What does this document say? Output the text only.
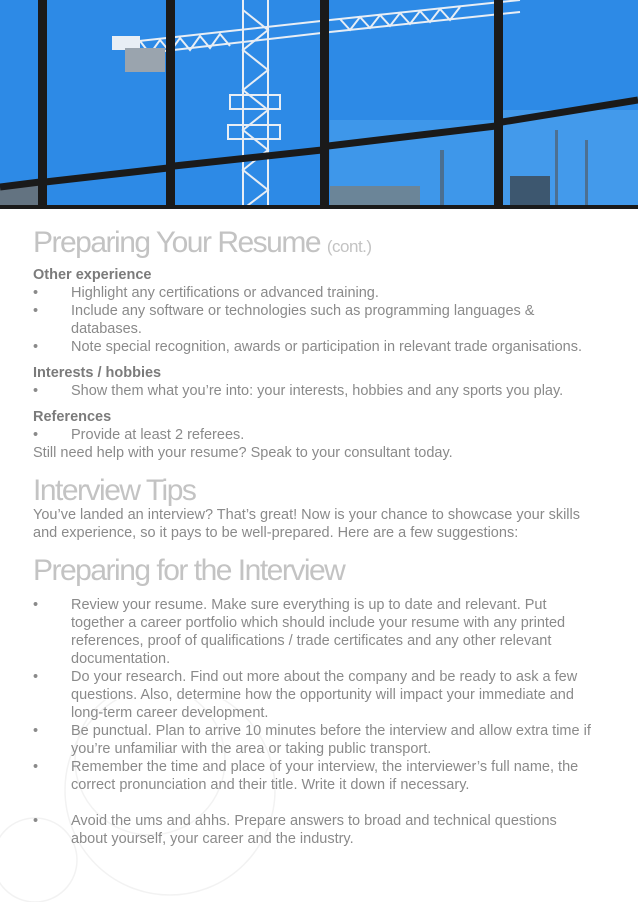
Preparing Your Resume (cont.)
Other experience
• Highlight any certifications or advanced training.
• Include any software or technologies such as programming languages & databases.
• Note special recognition, awards or participation in relevant trade organisations.
Interests / hobbies
• Show them what you’re into: your interests, hobbies and any sports you play.
References
• Provide at least 2 referees.

Still need help with your resume? Speak to your consultant today.

Interview Tips

You’ve landed an interview? That’s great! Now is your chance to showcase your skills and experience, so it pays to be well-prepared. Here are a few suggestions:

Preparing for the Interview
• Review your resume. Make sure everything is up to date and relevant. Put together a career portfolio which should include your resume with any printed references, proof of qualifications / trade certificates and any other relevant documentation.
• Do your research. Find out more about the company and be ready to ask a few questions. Also, determine how the opportunity will impact your immediate and long-term career development.
• Be punctual. Plan to arrive 10 minutes before the interview and allow extra time if you’re unfamiliar with the area or taking public transport.
• Remember the time and place of your interview, the interviewer’s full name, the correct pronunciation and their title. Write it down if necessary.
• Avoid the ums and ahhs. Prepare answers to broad and technical questions about yourself, your career and the industry.
